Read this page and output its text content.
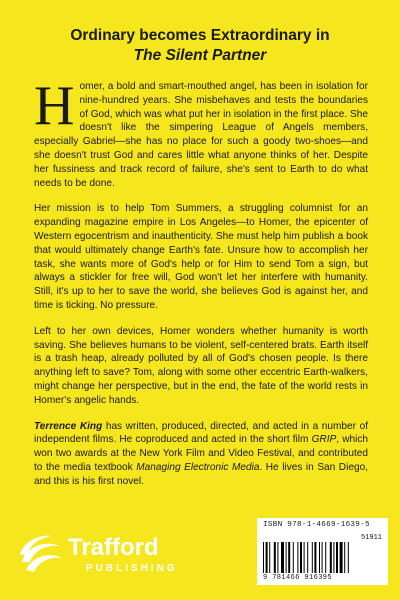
Ordinary becomes Extraordinary in
The Silent Partner

Homer, a bold and smart-mouthed angel, has been in isolation for nine-hundred years. She misbehaves and tests the boundaries of God, which was what put her in isolation in the first place. She doesn't like the simpering League of Angels members, especially Gabriel—she has no place for such a goody two-shoes—and she doesn't trust God and cares little what anyone thinks of her. Despite her fussiness and track record of failure, she's sent to Earth to do what needs to be done.

Her mission is to help Tom Summers, a struggling columnist for an expanding magazine empire in Los Angeles—to Homer, the epicenter of Western egocentrism and inauthenticity. She must help him publish a book that would ultimately change Earth's fate. Unsure how to accomplish her task, she wants more of God's help or for Him to send Tom a sign, but always a stickler for free will, God won't let her interfere with humanity. Still, it's up to her to save the world, she believes God is against her, and time is ticking. No pressure.

Left to her own devices, Homer wonders whether humanity is worth saving. She believes humans to be violent, self-centered brats. Earth itself is a trash heap, already polluted by all of God's chosen people. Is there anything left to save? Tom, along with some other eccentric Earth-walkers, might change her perspective, but in the end, the fate of the world rests in Homer's angelic hands.

Terrence King has written, produced, directed, and acted in a number of independent films. He coproduced and acted in the short film GRIP, which won two awards at the New York Film and Video Festival, and contributed to the media textbook Managing Electronic Media. He lives in San Diego, and this is his first novel.

Trafford
PUBLISHING
ISBN 978-1-4669-1639-5
51911
9 781466 916395
